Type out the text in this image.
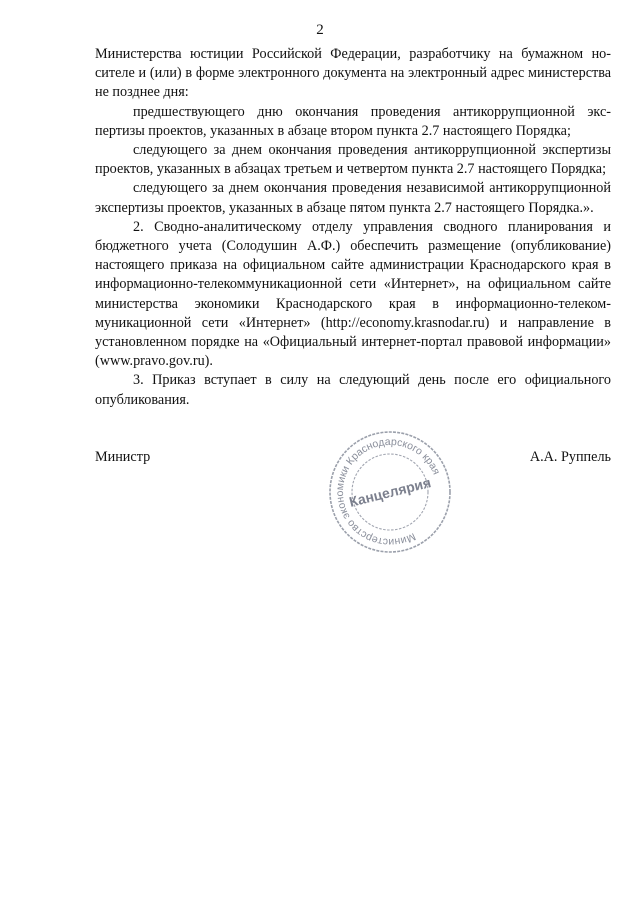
2

Министерства юстиции Российской Федерации, разработчику на бумажном носителе и (или) в форме электронного документа на электронный адрес министерства не позднее дня:

предшествующего дню окончания проведения антикоррупционной экспертизы проектов, указанных в абзаце втором пункта 2.7 настоящего Порядка;

следующего за днем окончания проведения антикоррупционной экспертизы проектов, указанных в абзацах третьем и четвертом пункта 2.7 настоящего Порядка;

следующего за днем окончания проведения независимой антикоррупционной экспертизы проектов, указанных в абзаце пятом пункта 2.7 настоящего Порядка.».

2. Сводно-аналитическому отделу управления сводного планирования и бюджетного учета (Солодушин А.Ф.) обеспечить размещение (опубликование) настоящего приказа на официальном сайте администрации Краснодарского края в информационно-телекоммуникационной сети «Интернет», на официальном сайте министерства экономики Краснодарского края в информационно-телекоммуникационной сети «Интернет» (http://economy.krasnodar.ru) и направление в установленном порядке на «Официальный интернет-портал правовой информации» (www.pravo.gov.ru).

3. Приказ вступает в силу на следующий день после его официального опубликования.

Министр	А.А. Руппель
Министерство экономики Краснодарского края
Канцелярия
